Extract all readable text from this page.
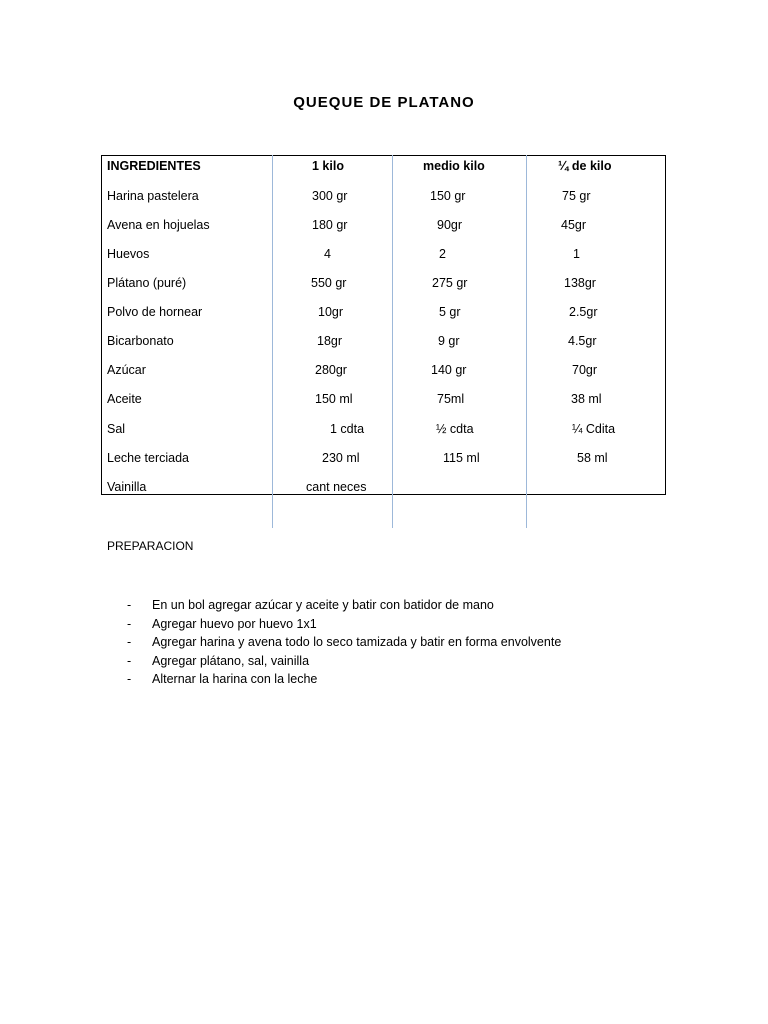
QUEQUE DE PLATANO
INGREDIENTES	1 kilo	medio kilo	¼ de kilo
Harina pastelera	300 gr	150 gr	75 gr
Avena en hojuelas	180 gr	90gr	45gr
Huevos	4	2	1
Plátano (puré)	550 gr	275 gr	138gr
Polvo de hornear	10gr	5 gr	2.5gr
Bicarbonato	18gr	9 gr	4.5gr
Azúcar	280gr	140 gr	70gr
Aceite	150 ml	75ml	38 ml
Sal	1 cdta	½ cdta	¼ Cdita
Leche terciada	230 ml	115 ml	58 ml
Vainilla	cant neces
PREPARACION
- En un bol agregar azúcar y aceite y batir con batidor de mano
- Agregar huevo por huevo 1x1
- Agregar harina y avena todo lo seco tamizada y batir en forma envolvente
- Agregar plátano, sal, vainilla
- Alternar la harina con la leche
